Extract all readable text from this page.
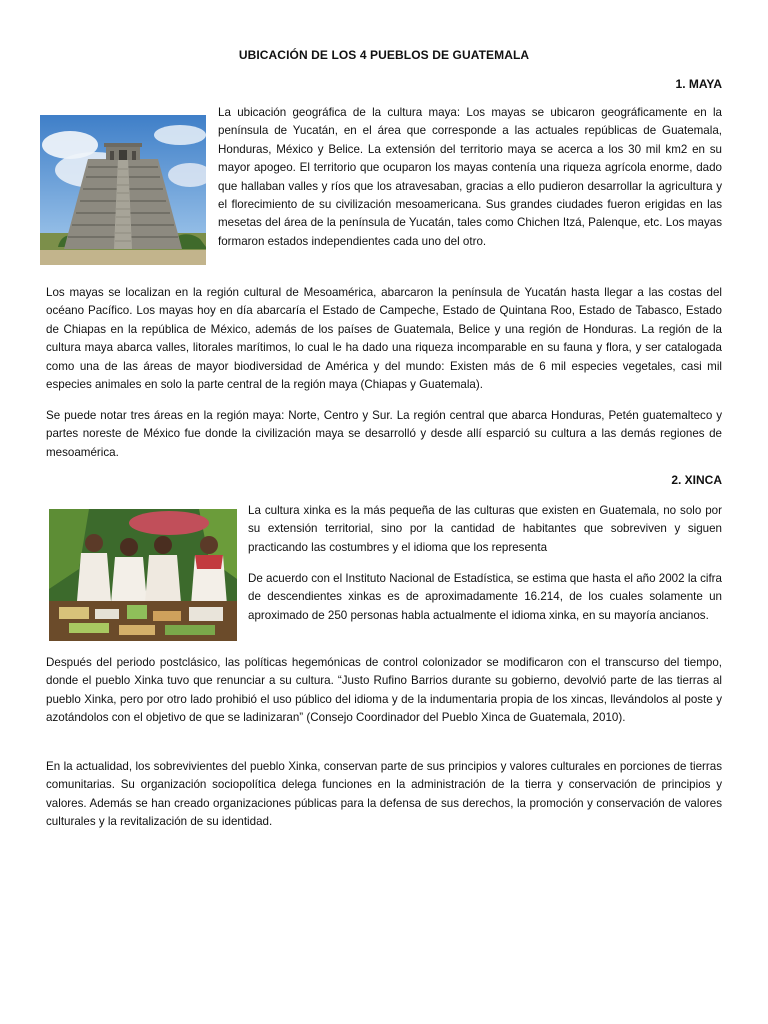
UBICACIÓN DE LOS 4 PUEBLOS DE GUATEMALA
1. MAYA

La ubicación geográfica de la cultura maya: Los mayas se ubicaron geográficamente en la península de Yucatán, en el área que corresponde a las actuales repúblicas de Guatemala, Honduras, México y Belice. La extensión del territorio maya se acerca a los 30 mil km2 en su mayor apogeo. El territorio que ocuparon los mayas contenía una riqueza agrícola enorme, dado que hallaban valles y ríos que los atravesaban, gracias a ello pudieron desarrollar la agricultura y el florecimiento de su civilización mesoamericana. Sus grandes ciudades fueron erigidas en las mesetas del área de la península de Yucatán, tales como Chichen Itzá, Palenque, etc. Los mayas formaron estados independientes cada uno del otro.

Los mayas se localizan en la región cultural de Mesoamérica, abarcaron la península de Yucatán hasta llegar a las costas del océano Pacífico. Los mayas hoy en día abarcaría el Estado de Campeche, Estado de Quintana Roo, Estado de Tabasco, Estado de Chiapas en la república de México, además de los países de Guatemala, Belice y una región de Honduras. La región de la cultura maya abarca valles, litorales marítimos, lo cual le ha dado una riqueza incomparable en su fauna y flora, y ser catalogada como una de las áreas de mayor biodiversidad de América y del mundo: Existen más de 6 mil especies vegetales, casi mil especies animales en solo la parte central de la región maya (Chiapas y Guatemala).

Se puede notar tres áreas en la región maya: Norte, Centro y Sur. La región central que abarca Honduras, Petén guatemalteco y partes noreste de México fue donde la civilización maya se desarrolló y desde allí esparció su cultura a las demás regiones de mesoamérica.

2. XINCA

La cultura xinka es la más pequeña de las culturas que existen en Guatemala, no solo por su extensión territorial, sino por la cantidad de habitantes que sobreviven y siguen practicando las costumbres y el idioma que los representa

De acuerdo con el Instituto Nacional de Estadística, se estima que hasta el año 2002 la cifra de descendientes xinkas es de aproximadamente 16.214, de los cuales solamente un aproximado de 250 personas habla actualmente el idioma xinka, en su mayoría ancianos.

Después del periodo postclásico, las políticas hegemónicas de control colonizador se modificaron con el transcurso del tiempo, donde el pueblo Xinka tuvo que renunciar a su cultura. “Justo Rufino Barrios durante su gobierno, devolvió parte de las tierras al pueblo Xinka, pero por otro lado prohibió el uso público del idioma y de la indumentaria propia de los xincas, llevándolos al poste y azotándolos con el objetivo de que se ladinizaran” (Consejo Coordinador del Pueblo Xinca de Guatemala, 2010).

En la actualidad, los sobrevivientes del pueblo Xinka, conservan parte de sus principios y valores culturales en porciones de tierras comunitarias. Su organización sociopolítica delega funciones en la administración de la tierra y conservación de principios y valores. Además se han creado organizaciones públicas para la defensa de sus derechos, la promoción y conservación de valores culturales y la revitalización de su identidad.
